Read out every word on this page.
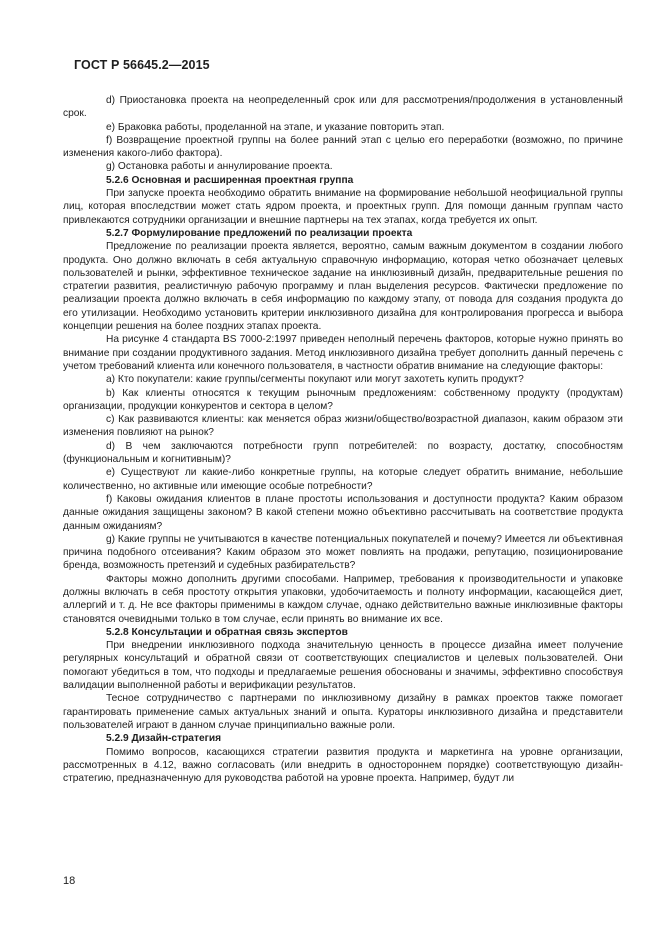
ГОСТ Р 56645.2—2015

d) Приостановка проекта на неопределенный срок или для рассмотрения/продолжения в установленный срок.

e) Браковка работы, проделанной на этапе, и указание повторить этап.

f) Возвращение проектной группы на более ранний этап с целью его переработки (возможно, по причине изменения какого-либо фактора).

g) Остановка работы и аннулирование проекта.

5.2.6 Основная и расширенная проектная группа

При запуске проекта необходимо обратить внимание на формирование небольшой неофициальной группы лиц, которая впоследствии может стать ядром проекта, и проектных групп. Для помощи данным группам часто привлекаются сотрудники организации и внешние партнеры на тех этапах, когда требуется их опыт.

5.2.7 Формулирование предложений по реализации проекта

Предложение по реализации проекта является, вероятно, самым важным документом в создании любого продукта. Оно должно включать в себя актуальную справочную информацию, которая четко обозначает целевых пользователей и рынки, эффективное техническое задание на инклюзивный дизайн, предварительные решения по стратегии развития, реалистичную рабочую программу и план выделения ресурсов. Фактически предложение по реализации проекта должно включать в себя информацию по каждому этапу, от повода для создания продукта до его утилизации. Необходимо установить критерии инклюзивного дизайна для контролирования прогресса и выбора концепции решения на более поздних этапах проекта.

На рисунке 4 стандарта BS 7000-2:1997 приведен неполный перечень факторов, которые нужно принять во внимание при создании продуктивного задания. Метод инклюзивного дизайна требует дополнить данный перечень с учетом требований клиента или конечного пользователя, в частности обратив внимание на следующие факторы:

a) Кто покупатели: какие группы/сегменты покупают или могут захотеть купить продукт?

b) Как клиенты относятся к текущим рыночным предложениям: собственному продукту (продуктам) организации, продукции конкурентов и сектора в целом?

c) Как развиваются клиенты: как меняется образ жизни/общество/возрастной диапазон, каким образом эти изменения повлияют на рынок?

d) В чем заключаются потребности групп потребителей: по возрасту, достатку, способностям (функциональным и когнитивным)?

e) Существуют ли какие-либо конкретные группы, на которые следует обратить внимание, небольшие количественно, но активные или имеющие особые потребности?

f) Каковы ожидания клиентов в плане простоты использования и доступности продукта? Каким образом данные ожидания защищены законом? В какой степени можно объективно рассчитывать на соответствие продукта данным ожиданиям?

g) Какие группы не учитываются в качестве потенциальных покупателей и почему? Имеется ли объективная причина подобного отсеивания? Каким образом это может повлиять на продажи, репутацию, позиционирование бренда, возможность претензий и судебных разбирательств?

Факторы можно дополнить другими способами. Например, требования к производительности и упаковке должны включать в себя простоту открытия упаковки, удобочитаемость и полноту информации, касающейся диет, аллергий и т. д. Не все факторы применимы в каждом случае, однако действительно важные инклюзивные факторы становятся очевидными только в том случае, если принять во внимание их все.

5.2.8 Консультации и обратная связь экспертов

При внедрении инклюзивного подхода значительную ценность в процессе дизайна имеет получение регулярных консультаций и обратной связи от соответствующих специалистов и целевых пользователей. Они помогают убедиться в том, что подходы и предлагаемые решения обоснованы и значимы, эффективно способствуя валидации выполненной работы и верификации результатов.

Тесное сотрудничество с партнерами по инклюзивному дизайну в рамках проектов также помогает гарантировать применение самых актуальных знаний и опыта. Кураторы инклюзивного дизайна и представители пользователей играют в данном случае принципиально важные роли.

5.2.9 Дизайн-стратегия

Помимо вопросов, касающихся стратегии развития продукта и маркетинга на уровне организации, рассмотренных в 4.12, важно согласовать (или внедрить в одностороннем порядке) соответствующую дизайн-стратегию, предназначенную для руководства работой на уровне проекта. Например, будут ли

18
